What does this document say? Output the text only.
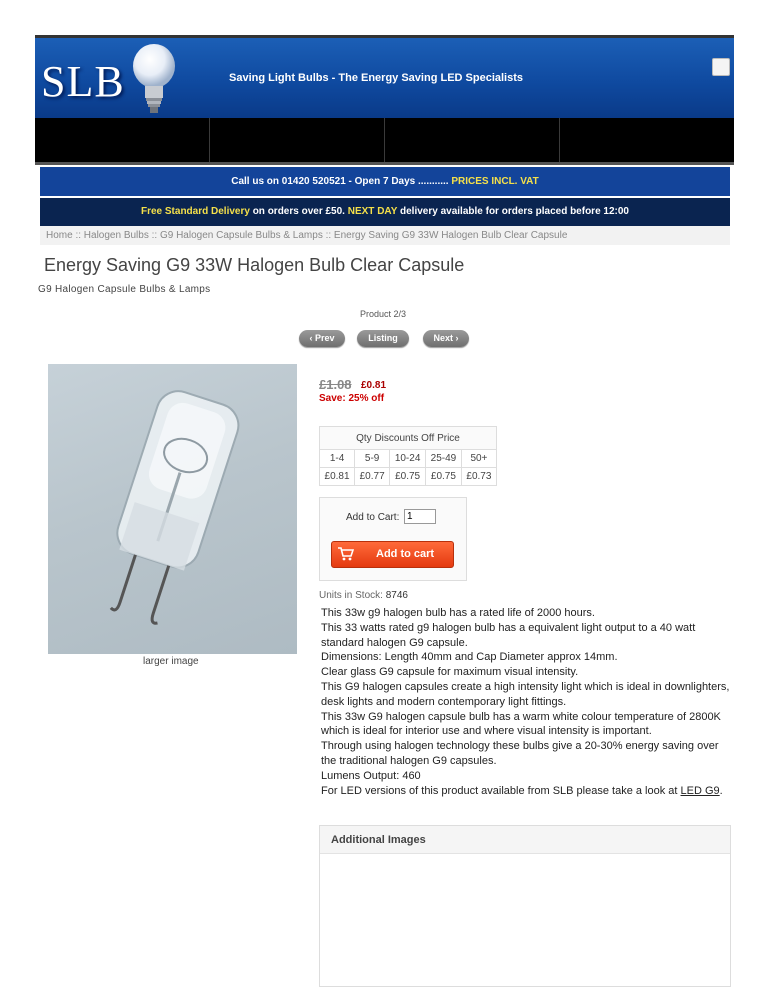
SLB	Saving Light Bulbs - The Energy Saving LED Specialists
Call us on 01420 520521 - Open 7 Days ........... PRICES INCL. VAT
Free Standard Delivery on orders over £50. NEXT DAY delivery available for orders placed before 12:00
Home :: Halogen Bulbs :: G9 Halogen Capsule Bulbs & Lamps :: Energy Saving G9 33W Halogen Bulb Clear Capsule
Energy Saving G9 33W Halogen Bulb Clear Capsule
G9 Halogen Capsule Bulbs & Lamps
Product 2/3
‹ Prev	Listing	Next ›
larger image
£1.08 £0.81
Save: 25% off
Qty Discounts Off Price				
1-4	5-9	10-24	25-49	50+
£0.81	£0.77	£0.75	£0.75	£0.73
Add to Cart:
1
Add to cart
Units in Stock: 8746
This 33w g9 halogen bulb has a rated life of 2000 hours.
This 33 watts rated g9 halogen bulb has a equivalent light output to a 40 watt standard halogen G9 capsule.
Dimensions: Length 40mm and Cap Diameter approx 14mm.
Clear glass G9 capsule for maximum visual intensity.
This G9 halogen capsules create a high intensity light which is ideal in downlighters, desk lights and modern contemporary light fittings.
This 33w G9 halogen capsule bulb has a warm white colour temperature of 2800K which is ideal for interior use and where visual intensity is important.
Through using halogen technology these bulbs give a 20-30% energy saving over the traditional halogen G9 capsules.
Lumens Output: 460
For LED versions of this product available from SLB please take a look at LED G9.
Additional Images
